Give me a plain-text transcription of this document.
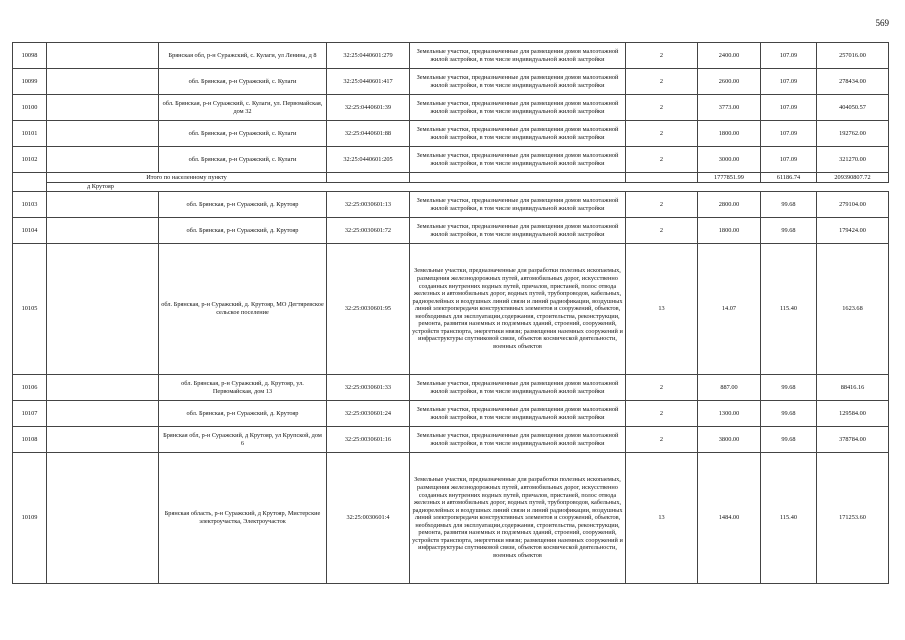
569
10098		Брянская обл, р-н Суражский, с. Кулаги, ул Ленина, д 8	32:25:0440601:279	Земельные участки, предназначенные для размещения домов малоэтажной жилой застройки, в том числе индивидуальной жилой застройки	2	2400.00	107.09	257016.00
10099		обл. Брянская, р-н Суражский, с. Кулаги	32:25:0440601:417	Земельные участки, предназначенные для размещения домов малоэтажной жилой застройки, в том числе индивидуальной жилой застройки	2	2600.00	107.09	278434.00
10100		обл. Брянская, р-н Суражский, с. Кулаги, ул. Первомайская, дом 32	32:25:0440601:39	Земельные участки, предназначенные для размещения домов малоэтажной жилой застройки, в том числе индивидуальной жилой застройки	2	3773.00	107.09	404050.57
10101		обл. Брянская, р-н Суражский, с. Кулаги	32:25:0440601:88	Земельные участки, предназначенные для размещения домов малоэтажной жилой застройки, в том числе индивидуальной жилой застройки	2	1800.00	107.09	192762.00
10102		обл. Брянская, р-н Суражский, с. Кулаги	32:25:0440601:205	Земельные участки, предназначенные для размещения домов малоэтажной жилой застройки, в том числе индивидуальной жилой застройки	2	3000.00	107.09	321270.00
	Итого по населенному пункту					1777851.99	61186.74	209390807.72
	д Крутояр							
10103		обл. Брянская, р-н Суражский, д. Крутояр	32:25:0030601:13	Земельные участки, предназначенные для размещения домов малоэтажной жилой застройки, в том числе индивидуальной жилой застройки	2	2800.00	99.68	279104.00
10104		обл. Брянская, р-н Суражский, д. Крутояр	32:25:0030601:72	Земельные участки, предназначенные для размещения домов малоэтажной жилой застройки, в том числе индивидуальной жилой застройки	2	1800.00	99.68	179424.00
10105		обл. Брянская, р-н Суражский, д. Крутояр, МО Дегтяревское сельское поселение	32:25:0030601:95	Земельные участки, предназначенные для разработки полезных ископаемых, размещения железнодорожных путей, автомобильных дорог, искусственно созданных внутренних водных путей, причалов, пристаней, полос отвода железных и автомобильных дорог, водных путей, трубопроводов, кабельных, радиорелейных и воздушных линий связи и линий радиофикации, воздушных линий электропередачи конструктивных элементов и сооружений, объектов, необходимых для эксплуатации,содержания, строительства, реконструкции, ремонта, развития наземных и подземных зданий, строений, сооружений, устройств транспорта, энергетики нвязи; размещения наземных сооружений и инфраструктуры спутниковой связи, объектов космической деятельности, военных объектов	13	14.07	115.40	1623.68
10106		обл. Брянская, р-н Суражский, д. Крутояр, ул. Первомайская, дом 13	32:25:0030601:33	Земельные участки, предназначенные для размещения домов малоэтажной жилой застройки, в том числе индивидуальной жилой застройки	2	887.00	99.68	88416.16
10107		обл. Брянская, р-н Суражский, д. Крутояр	32:25:0030601:24	Земельные участки, предназначенные для размещения домов малоэтажной жилой застройки, в том числе индивидуальной жилой застройки	2	1300.00	99.68	129584.00
10108		Брянская обл, р-н Суражский, д Крутояр, ул Крупской, дом 6	32:25:0030601:16	Земельные участки, предназначенные для размещения домов малоэтажной жилой застройки, в том числе индивидуальной жилой застройки	2	3800.00	99.68	378784.00
10109		Брянская область, р-н Суражский, д Крутояр, Мистерские электроучастка, Электроучасток	32:25:0030601:4	Земельные участки, предназначенные для разработки полезных ископаемых, размещения железнодорожных путей, автомобильных дорог, искусственно созданных внутренних водных путей, причалов, пристаней, полос отвода железных и автомобильных дорог, водных путей, трубопроводов, кабельных, радиорелейных и воздушных линий связи и линий радиофикации, воздушных линий электропередачи конструктивных элементов и сооружений, объектов, необходимых для эксплуатации,содержания, строительства, реконструкции, ремонта, развития наземных и подземных зданий, строений, сооружений, устройств транспорта, энергетики нвязи; размещения наземных сооружений и инфраструктуры спутниковой связи, объектов космической деятельности, военных объектов	13	1484.00	115.40	171253.60
